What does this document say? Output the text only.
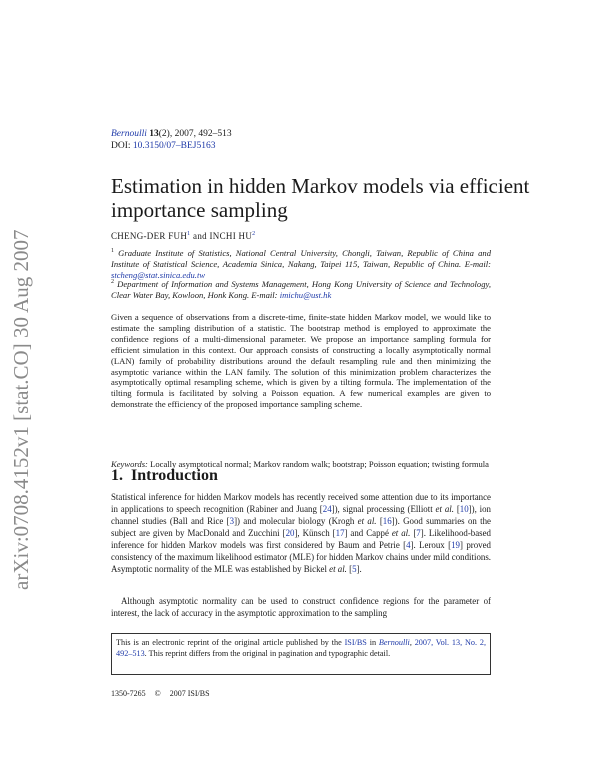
arXiv:0708.4152v1 [stat.CO] 30 Aug 2007
Bernoulli 13(2), 2007, 492–513
DOI: 10.3150/07–BEJ5163
Estimation in hidden Markov models via efficient importance sampling
CHENG-DER FUH$^1$ and INCHI $HU^2$
$^1$ Graduate Institute of Statistics, National Central University, Chongli, Taiwan, Republic of China and Institute of Statistical Science, Academia Sinica, Nakang, Taipei 115, Taiwan, Republic of China. E-mail: stcheng@stat.sinica.edu.tw
$^2$ Department of Information and Systems Management, Hong Kong University of Science and Technology, Clear Water Bay, Kowloon, Honk Kong. E-mail: imichu@ust.hk
Given a sequence of observations from a discrete-time, finite-state hidden Markov model, we would like to estimate the sampling distribution of a statistic. The bootstrap method is employed to approximate the confidence regions of a multi-dimensional parameter. We propose an importance sampling formula for efficient simulation in this context. Our approach consists of constructing a locally asymptotically normal (LAN) family of probability distributions around the default resampling rule and then minimizing the asymptotic variance within the LAN family. The solution of this minimization problem characterizes the asymptotically optimal resampling scheme, which is given by a tilting formula. The implementation of the tilting formula is facilitated by solving a Poisson equation. A few numerical examples are given to demonstrate the efficiency of the proposed importance sampling scheme.
Keywords: Locally asymptotical normal; Markov random walk; bootstrap; Poisson equation; twisting formula
1. Introduction
Statistical inference for hidden Markov models has recently received some attention due to its importance in applications to speech recognition (Rabiner and Juang [24]), signal processing (Elliott et al. [10]), ion channel studies (Ball and Rice [3]) and molecular biology (Krogh et al. [16]). Good summaries on the subject are given by MacDonald and Zucchini [20], Künsch [17] and Cappé et al. [7]. Likelihood-based inference for hidden Markov models was first considered by Baum and Petrie [4]. Leroux [19] proved consistency of the maximum likelihood estimator (MLE) for hidden Markov chains under mild conditions. Asymptotic normality of the MLE was established by Bickel et al. [5].
Although asymptotic normality can be used to construct confidence regions for the parameter of interest, the lack of accuracy in the asymptotic approximation to the sampling
This is an electronic reprint of the original article published by the ISI/BS in Bernoulli, 2007, Vol. 13, No. 2, 492–513. This reprint differs from the original in pagination and typographic detail.
1350-7265 © 2007 ISI/BS
